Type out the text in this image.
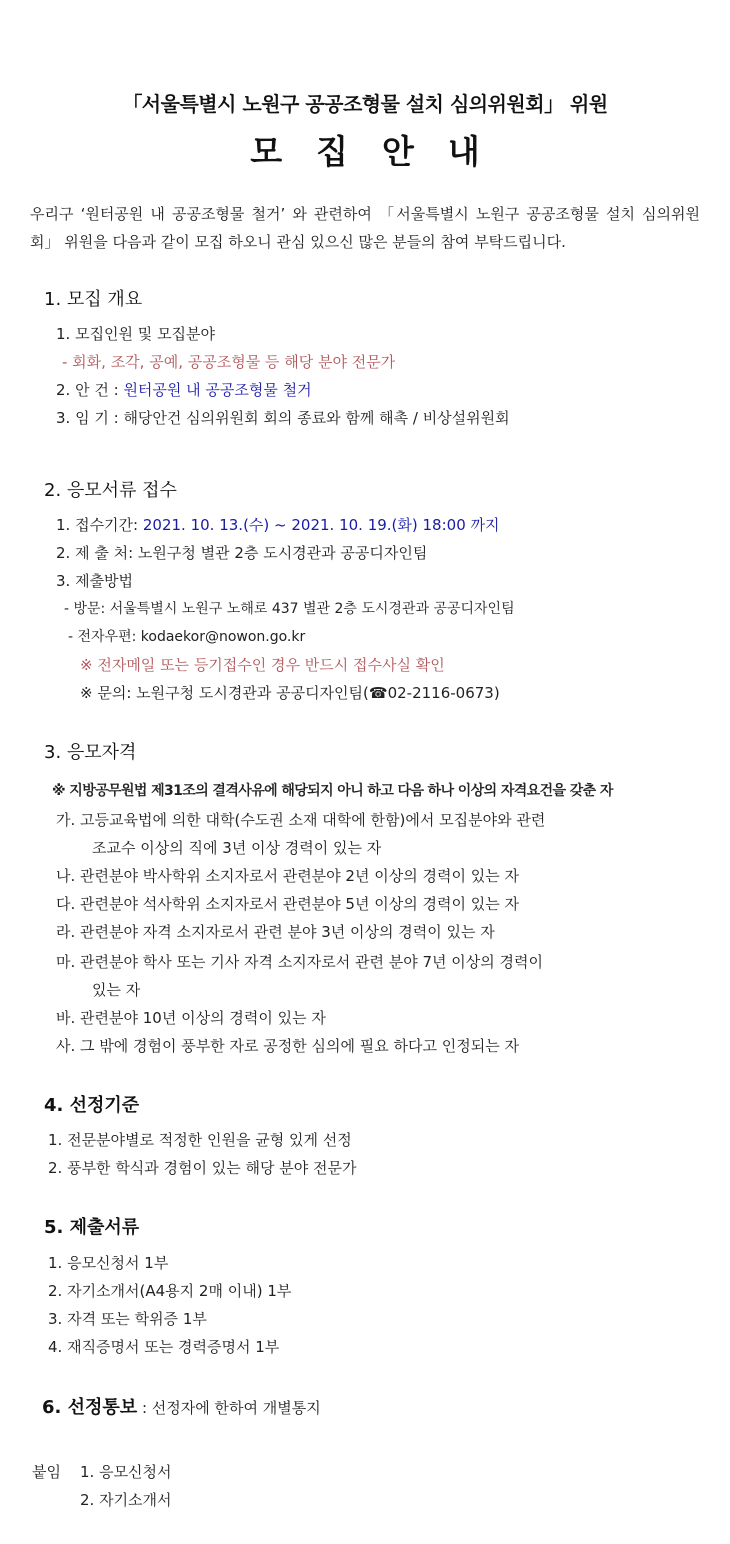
「서울특별시 노원구 공공조형물 설치 심의위원회」 위원
모집안내
우리구 ‘원터공원 내 공공조형물 철거’ 와 관련하여 「서울특별시 노원구 공공조형물 설치 심의위원회」 위원을 다음과 같이 모집 하오니 관심 있으신 많은 분들의 참여 부탁드립니다.
1. 모집 개요
1. 모집인원 및 모집분야
- 회화, 조각, 공예, 공공조형물 등 해당 분야 전문가
2. 안 건 : 원터공원 내 공공조형물 철거
3. 임 기 : 해당안건 심의위원회 회의 종료와 함께 해촉 / 비상설위원회
2. 응모서류 접수
1. 접수기간: 2021. 10. 13.(수) ~ 2021. 10. 19.(화) 18:00 까지
2. 제 출 처: 노원구청 별관 2층 도시경관과 공공디자인팀
3. 제출방법
- 방문: 서울특별시 노원구 노해로 437 별관 2층 도시경관과 공공디자인팀
- 전자우편: kodaekor@nowon.go.kr
※ 전자메일 또는 등기접수인 경우 반드시 접수사실 확인
※ 문의: 노원구청 도시경관과 공공디자인팀(☎02-2116-0673)
3. 응모자격
※ 지방공무원법 제31조의 결격사유에 해당되지 아니 하고 다음 하나 이상의 자격요건을 갖춘 자
가. 고등교육법에 의한 대학(수도권 소재 대학에 한함)에서 모집분야와 관련
조교수 이상의 직에 3년 이상 경력이 있는 자
나. 관련분야 박사학위 소지자로서 관련분야 2년 이상의 경력이 있는 자
다. 관련분야 석사학위 소지자로서 관련분야 5년 이상의 경력이 있는 자
라. 관련분야 자격 소지자로서 관련 분야 3년 이상의 경력이 있는 자
마. 관련분야 학사 또는 기사 자격 소지자로서 관련 분야 7년 이상의 경력이
있는 자
바. 관련분야 10년 이상의 경력이 있는 자
사. 그 밖에 경험이 풍부한 자로 공정한 심의에 필요 하다고 인정되는 자
4. 선정기준
1. 전문분야별로 적정한 인원을 균형 있게 선정
2. 풍부한 학식과 경험이 있는 해당 분야 전문가
5. 제출서류
1. 응모신청서 1부
2. 자기소개서(A4용지 2매 이내) 1부
3. 자격 또는 학위증 1부
4. 재직증명서 또는 경력증명서 1부
6. 선정통보 : 선정자에 한하여 개별통지
붙임 1. 응모신청서
2. 자기소개서
